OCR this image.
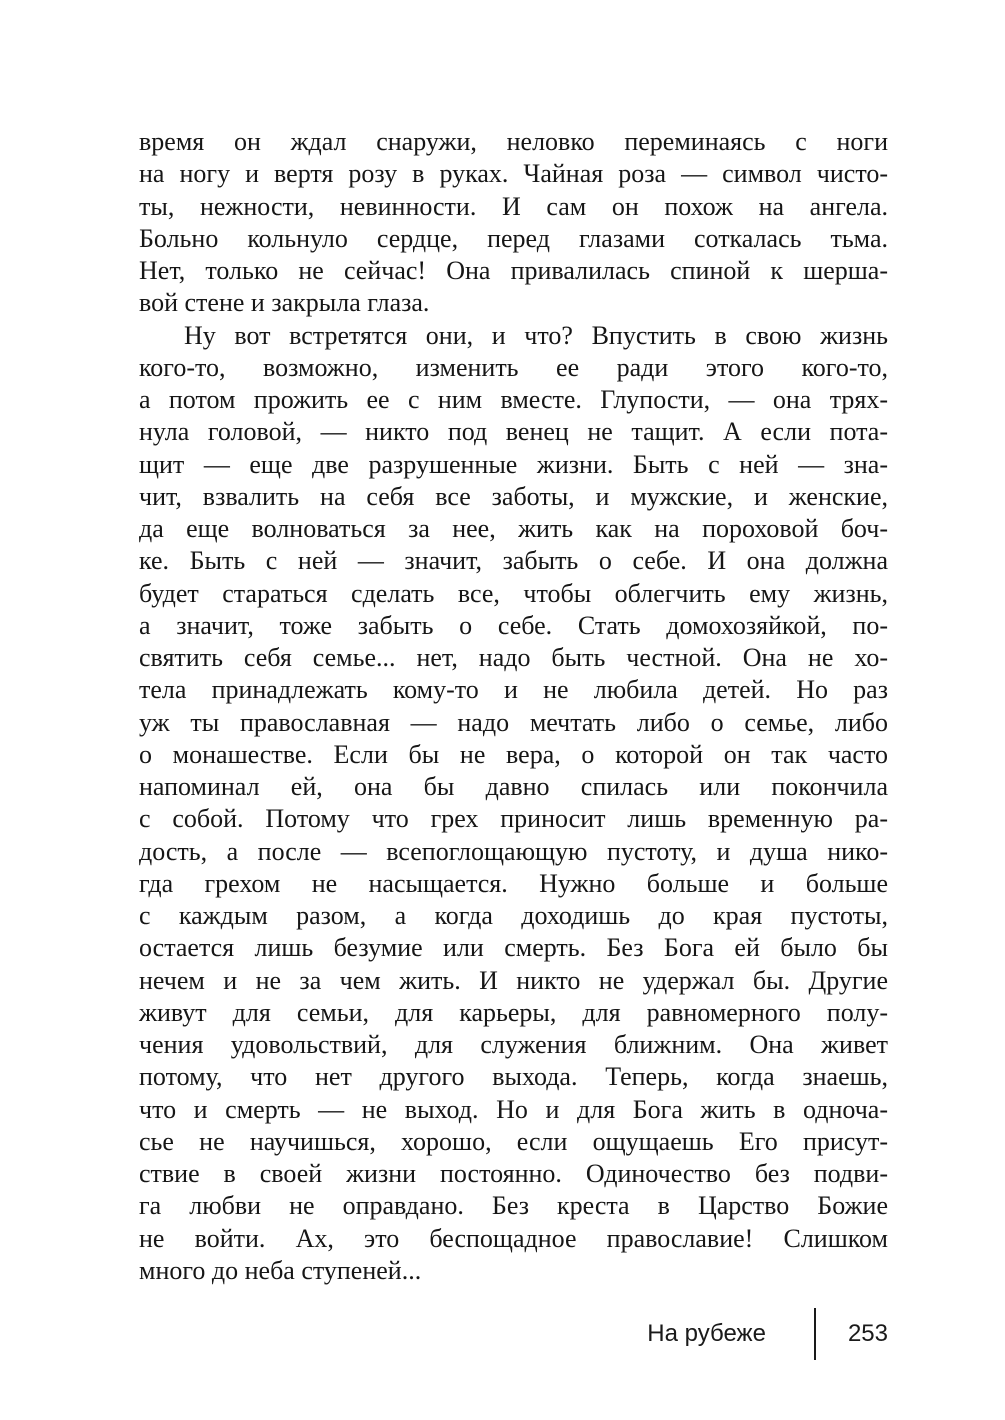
время он ждал снаружи, неловко переминаясь с ноги
на ногу и вертя розу в руках. Чайная роза — символ чисто-
ты, нежности, невинности. И сам он похож на ангела.
Больно кольнуло сердце, перед глазами соткалась тьма.
Нет, только не сейчас! Она привалилась спиной к шерша-
вой стене и закрыла глаза.
Ну вот встретятся они, и что? Впустить в свою жизнь
кого-то, возможно, изменить ее ради этого кого-то,
а потом прожить ее с ним вместе. Глупости, — она трях-
нула головой, — никто под венец не тащит. А если пота-
щит — еще две разрушенные жизни. Быть с ней — зна-
чит, взвалить на себя все заботы, и мужские, и женские,
да еще волноваться за нее, жить как на пороховой боч-
ке. Быть с ней — значит, забыть о себе. И она должна
будет стараться сделать все, чтобы облегчить ему жизнь,
а значит, тоже забыть о себе. Стать домохозяйкой, по-
святить себя семье... нет, надо быть честной. Она не хо-
тела принадлежать кому-то и не любила детей. Но раз
уж ты православная — надо мечтать либо о семье, либо
о монашестве. Если бы не вера, о которой он так часто
напоминал ей, она бы давно спилась или покончила
с собой. Потому что грех приносит лишь временную ра-
дость, а после — всепоглощающую пустоту, и душа нико-
гда грехом не насыщается. Нужно больше и больше
с каждым разом, а когда доходишь до края пустоты,
остается лишь безумие или смерть. Без Бога ей было бы
нечем и не за чем жить. И никто не удержал бы. Другие
живут для семьи, для карьеры, для равномерного полу-
чения удовольствий, для служения ближним. Она живет
потому, что нет другого выхода. Теперь, когда знаешь,
что и смерть — не выход. Но и для Бога жить в одноча-
сье не научишься, хорошо, если ощущаешь Его присут-
ствие в своей жизни постоянно. Одиночество без подви-
га любви не оправдано. Без креста в Царство Божие
не войти. Ах, это беспощадное православие! Слишком
много до неба ступеней...
На рубеже	253
